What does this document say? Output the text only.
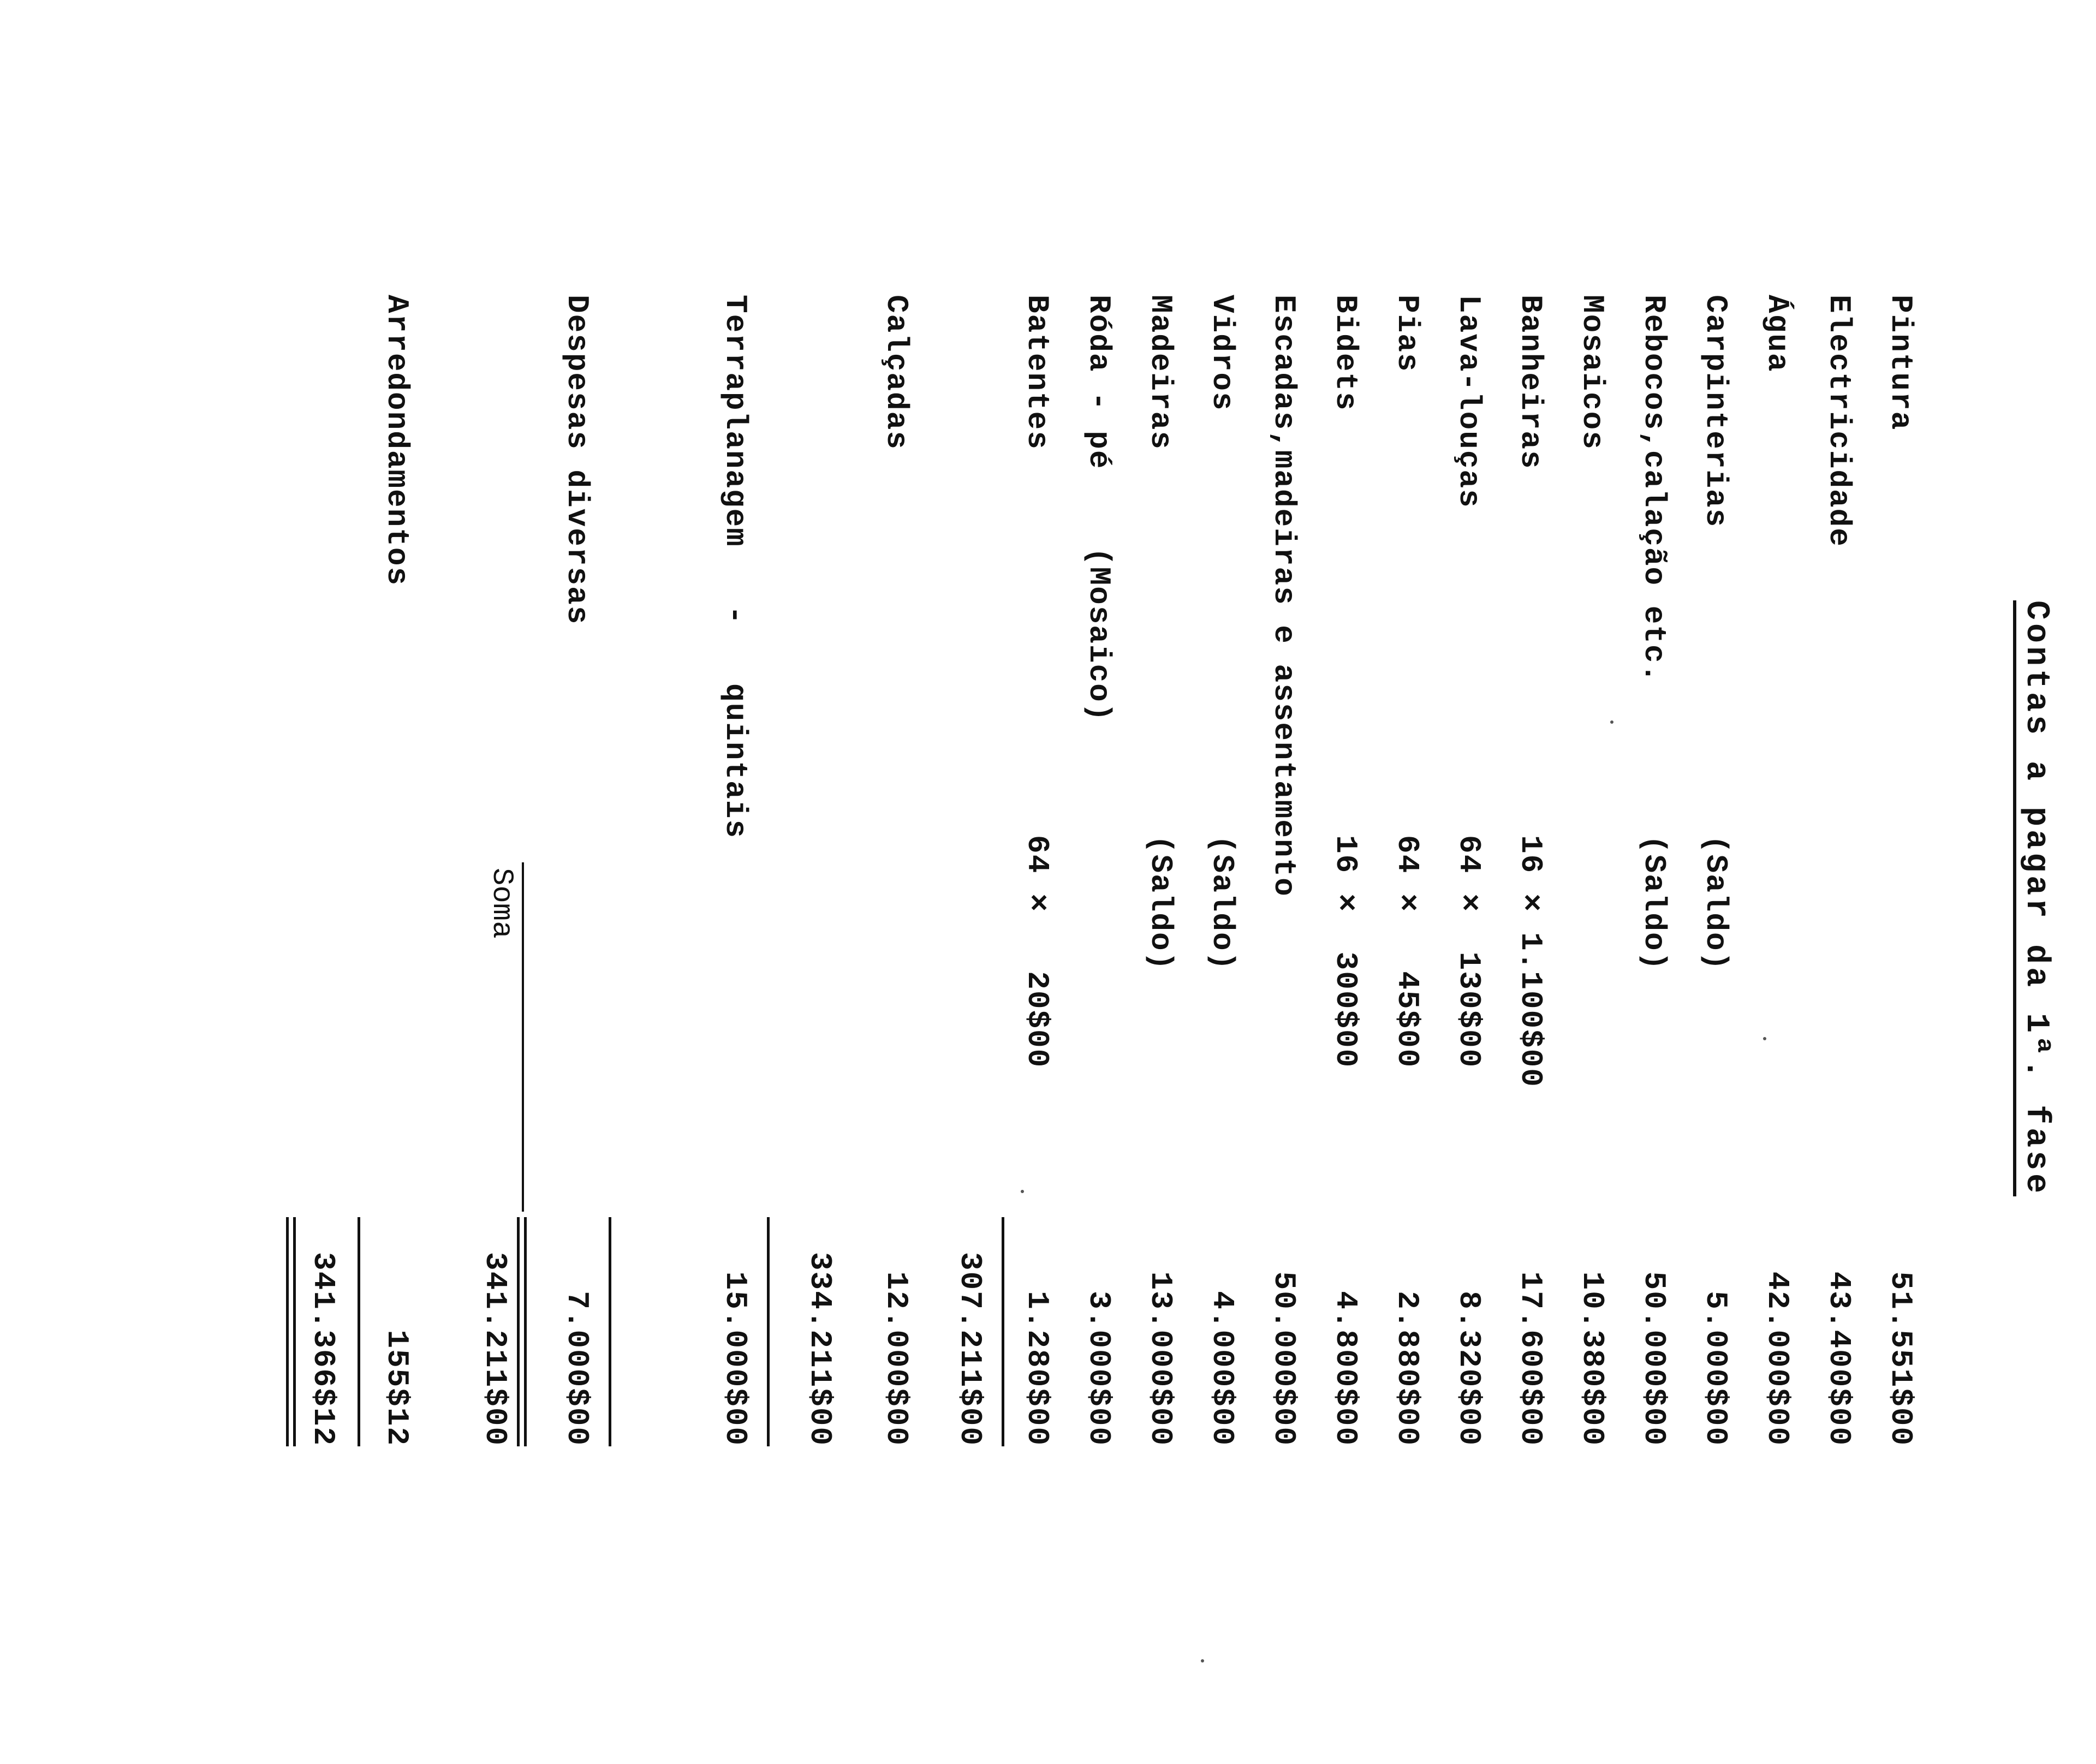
Contas a pagar da 1ª. fase
Pintura
51.551$00
Electricidade
43.400$00
Água
42.000$00
Carpinterias
(Saldo)
5.000$00
Rebocos,calação etc.
(Saldo)
50.000$00
Mosaicos
10.380$00
Banheiras
16 × 1.100$00
17.600$00
Lava-louças
64 ×  130$00
8.320$00
Pias
64 ×   45$00
2.880$00
Bidets
16 ×  300$00
4.800$00
Escadas,madeiras e assentamento
50.000$00
Vidros
(Saldo)
4.000$00
Madeiras
(Saldo)
13.000$00
Róda - pé    (Mosaico)
3.000$00
Batentes
64 ×   20$00
1.280$00
307.211$00
Calçadas
12.000$00
334.211$00
Terraplanagem   -   quintais
15.000$00
Despesas diversas
7.000$00
Soma
341.211$00
Arredondamentos
155$12
341.366$12
